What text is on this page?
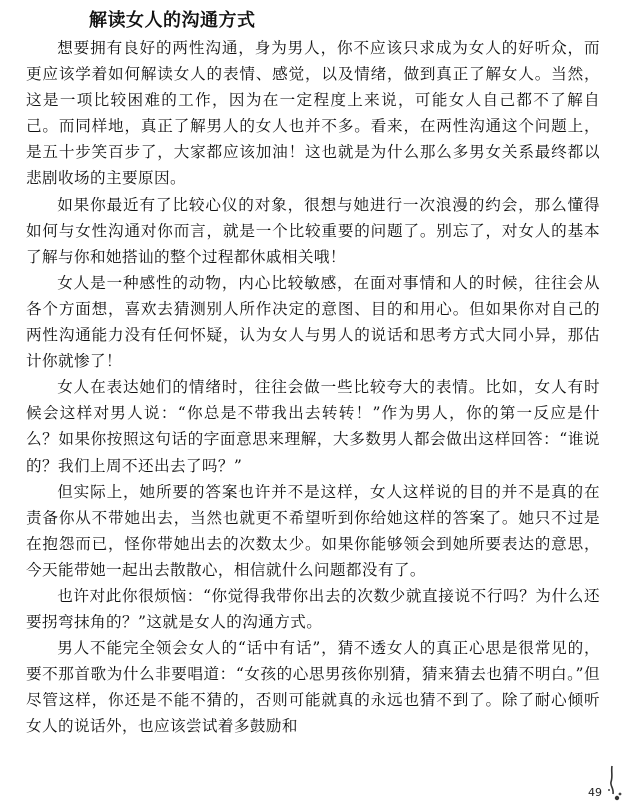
解读女人的沟通方式

想要拥有良好的两性沟通，身为男人，你不应该只求成为女人的好听众，而更应该学着如何解读女人的表情、感觉，以及情绪，做到真正了解女人。当然，这是一项比较困难的工作，因为在一定程度上来说，可能女人自己都不了解自己。而同样地，真正了解男人的女人也并不多。看来，在两性沟通这个问题上，是五十步笑百步了，大家都应该加油！这也就是为什么那么多男女关系最终都以悲剧收场的主要原因。

如果你最近有了比较心仪的对象，很想与她进行一次浪漫的约会，那么懂得如何与女性沟通对你而言，就是一个比较重要的问题了。别忘了，对女人的基本了解与你和她搭讪的整个过程都休戚相关哦！

女人是一种感性的动物，内心比较敏感，在面对事情和人的时候，往往会从各个方面想，喜欢去猜测别人所作决定的意图、目的和用心。但如果你对自己的两性沟通能力没有任何怀疑，认为女人与男人的说话和思考方式大同小异，那估计你就惨了！

女人在表达她们的情绪时，往往会做一些比较夸大的表情。比如，女人有时候会这样对男人说：“你总是不带我出去转转！”作为男人，你的第一反应是什么？如果你按照这句话的字面意思来理解，大多数男人都会做出这样回答：“谁说的？我们上周不还出去了吗？”

但实际上，她所要的答案也许并不是这样，女人这样说的目的并不是真的在责备你从不带她出去，当然也就更不希望听到你给她这样的答案了。她只不过是在抱怨而已，怪你带她出去的次数太少。如果你能够领会到她所要表达的意思，今天能带她一起出去散散心，相信就什么问题都没有了。

也许对此你很烦恼：“你觉得我带你出去的次数少就直接说不行吗？为什么还要拐弯抹角的？”这就是女人的沟通方式。

男人不能完全领会女人的“话中有话”，猜不透女人的真正心思是很常见的，要不那首歌为什么非要唱道：“女孩的心思男孩你别猜，猜来猜去也猜不明白。”但尽管这样，你还是不能不猜的，否则可能就真的永远也猜不到了。除了耐心倾听女人的说话外，也应该尝试着多鼓励和

49
